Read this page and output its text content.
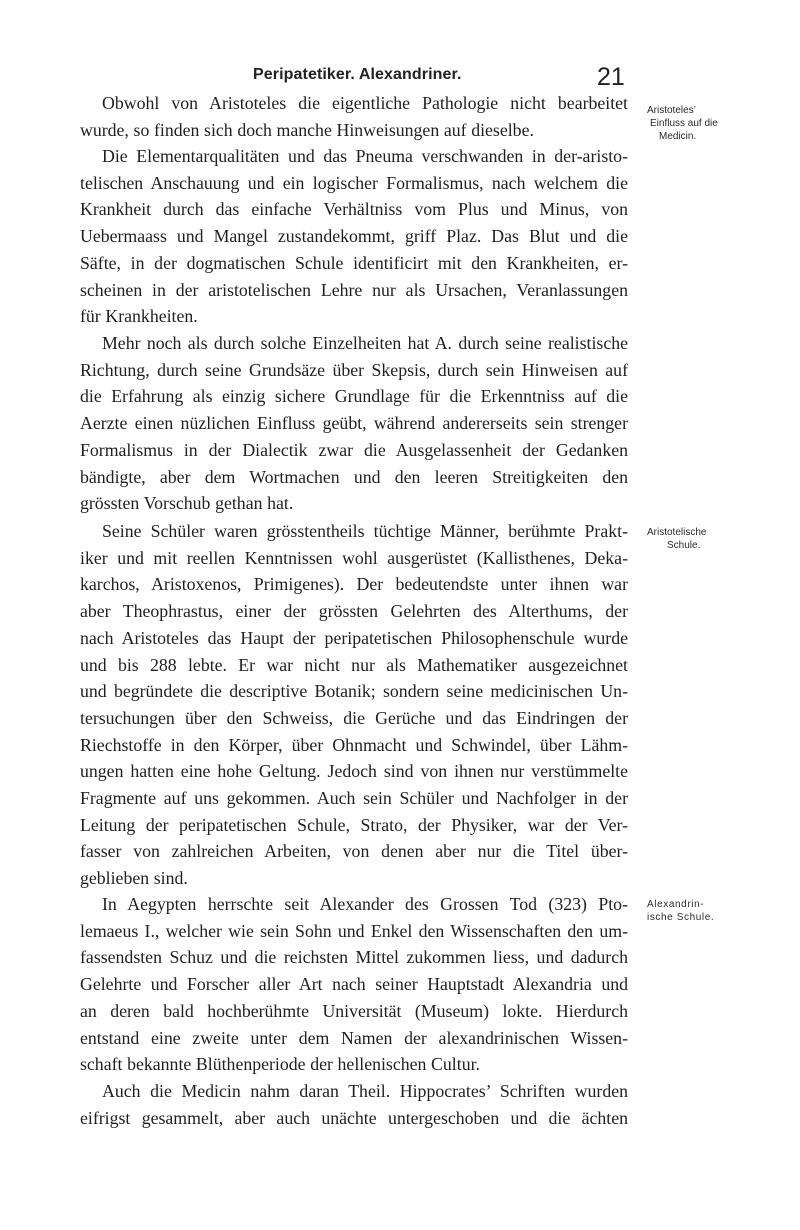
Peripatetiker. Alexandriner.	21

Obwohl von Aristoteles die eigentliche Pathologie nicht bearbeitet

wurde, so finden sich doch manche Hinweisungen auf dieselbe.

Die Elementarqualitäten und das Pneuma verschwanden in der-aristo-

telischen Anschauung und ein logischer Formalismus, nach welchem die

Krankheit durch das einfache Verhältniss vom Plus und Minus, von

Uebermaass und Mangel zustandekommt, griff Plaz. Das Blut und die

Säfte, in der dogmatischen Schule identificirt mit den Krankheiten, er-

scheinen in der aristotelischen Lehre nur als Ursachen, Veranlassungen

für Krankheiten.

Mehr noch als durch solche Einzelheiten hat A. durch seine realistische

Richtung, durch seine Grundsäze über Skepsis, durch sein Hinweisen auf

die Erfahrung als einzig sichere Grundlage für die Erkenntniss auf die

Aerzte einen nüzlichen Einfluss geübt, während andererseits sein strenger

Formalismus in der Dialectik zwar die Ausgelassenheit der Gedanken

bändigte, aber dem Wortmachen und den leeren Streitigkeiten den

grössten Vorschub gethan hat.

Seine Schüler waren grösstentheils tüchtige Männer, berühmte Prakt-

iker und mit reellen Kenntnissen wohl ausgerüstet (Kallisthenes, Deka-

karchos, Aristoxenos, Primigenes). Der bedeutendste unter ihnen war

aber Theophrastus, einer der grössten Gelehrten des Alterthums, der

nach Aristoteles das Haupt der peripatetischen Philosophenschule wurde

und bis 288 lebte. Er war nicht nur als Mathematiker ausgezeichnet

und begründete die descriptive Botanik; sondern seine medicinischen Un-

tersuchungen über den Schweiss, die Gerüche und das Eindringen der

Riechstoffe in den Körper, über Ohnmacht und Schwindel, über Lähm-

ungen hatten eine hohe Geltung. Jedoch sind von ihnen nur verstümmelte

Fragmente auf uns gekommen. Auch sein Schüler und Nachfolger in der

Leitung der peripatetischen Schule, Strato, der Physiker, war der Ver-

fasser von zahlreichen Arbeiten, von denen aber nur die Titel über-

geblieben sind.

In Aegypten herrschte seit Alexander des Grossen Tod (323) Pto-

lemaeus I., welcher wie sein Sohn und Enkel den Wissenschaften den um-

fassendsten Schuz und die reichsten Mittel zukommen liess, und dadurch

Gelehrte und Forscher aller Art nach seiner Hauptstadt Alexandria und

an deren bald hochberühmte Universität (Museum) lokte. Hierdurch

entstand eine zweite unter dem Namen der alexandrinischen Wissen-

schaft bekannte Blüthenperiode der hellenischen Cultur.

Auch die Medicin nahm daran Theil. Hippocrates’ Schriften wurden

eifrigst gesammelt, aber auch unächte untergeschoben und die ächten

Aristoteles’
Einfluss auf die
Medicin.
Aristotelische
Schule.
Alexandrin-
ische Schule.
